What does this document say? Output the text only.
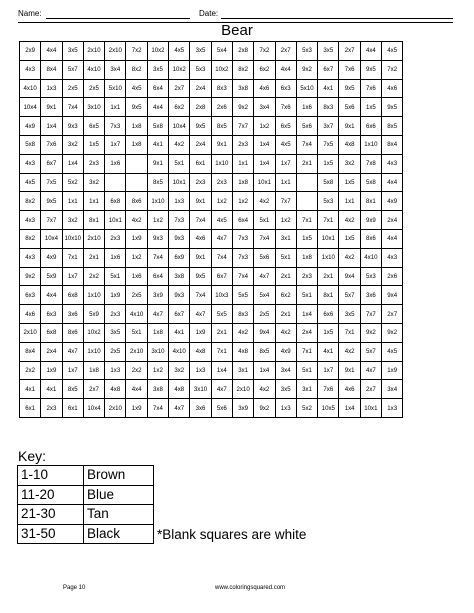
Name:	Date:
Bear
2x9	4x4	3x5	2x10	2x10	7x2	10x2	4x5	3x5	5x4	2x8	7x2	2x7	5x3	3x5	2x7	4x4	4x5
4x3	8x4	5x7	4x10	3x4	8x2	3x5	10x2	5x3	10x2	8x2	6x2	4x4	9x2	6x7	7x6	9x5	7x2
4x10	1x3	2x5	2x5	5x10	4x5	6x4	2x7	2x4	8x3	3x8	4x6	6x3	5x10	4x1	9x5	7x6	4x6
10x4	9x1	7x4	3x10	1x1	9x5	4x4	6x2	2x8	2x6	9x2	3x4	7x6	1x6	8x3	5x6	1x5	9x5
4x9	1x4	9x3	6x5	7x3	1x8	5x8	10x4	9x5	8x5	7x7	1x2	6x5	5x6	3x7	9x1	6x6	8x5
5x8	7x6	3x2	1x5	1x7	1x8	4x1	4x2	2x4	9x1	2x3	1x4	4x5	7x4	7x5	4x8	1x10	8x4
4x3	6x7	1x4	2x3	1x6		9x1	5x1	6x1	1x10	1x1	1x4	1x7	2x1	1x5	3x2	7x8	4x3
4x5	7x5	5x2	3x2			8x5	10x1	2x3	2x3	1x8	10x1	1x1		5x8	1x5	5x8	4x4
8x2	9x5	1x1	1x1	6x8	8x6	1x10	1x3	9x1	1x2	1x2	4x2	7x7		5x3	1x1	8x1	4x9
4x3	7x7	3x2	8x1	10x1	4x2	1x2	7x3	7x4	4x5	6x4	5x1	1x2	7x1	7x1	4x2	9x9	2x4
8x2	10x4	10x10	2x10	2x3	1x9	9x3	9x3	4x6	4x7	7x3	7x4	3x1	1x5	10x1	1x5	8x6	4x4
4x3	4x9	7x1	2x1	1x6	1x2	7x4	6x9	9x1	7x4	7x3	5x6	5x1	1x8	1x10	4x2	4x10	4x3
9x2	5x9	1x7	2x2	5x1	1x6	6x4	3x8	9x5	6x7	7x4	4x7	2x1	2x3	2x1	9x4	5x3	2x6
6x3	4x4	6x8	1x10	1x9	2x5	3x9	9x3	7x4	10x3	5x5	5x4	6x2	5x1	8x1	5x7	3x6	9x4
4x6	6x3	3x6	5x9	2x3	4x10	4x7	6x7	4x7	5x5	8x3	2x5	2x1	1x4	6x6	3x5	7x7	2x7
2x10	6x8	8x6	10x2	3x5	5x1	1x8	4x1	1x9	2x1	4x2	9x4	4x2	2x4	1x5	7x1	9x2	9x2
8x4	2x4	4x7	1x10	2x5	2x10	3x10	4x10	4x8	7x1	4x8	8x5	4x9	7x1	4x1	4x2	5x7	4x5
2x2	1x9	1x7	1x8	1x3	2x2	1x2	3x2	1x3	1x4	3x1	1x4	3x4	5x1	1x7	9x1	4x7	1x9
4x1	4x1	8x5	2x7	4x8	4x4	3x8	4x8	3x10	4x7	2x10	4x2	3x5	3x1	7x6	4x6	2x7	3x4
6x1	2x3	6x1	10x4	2x10	1x9	7x4	4x7	3x6	5x6	3x9	9x2	1x3	5x2	10x5	1x4	10x1	1x3
Key:
1-10	Brown
11-20	Blue
21-30	Tan
31-50	Black	*Blank squares are white
Page 10	www.coloringsquared.com
